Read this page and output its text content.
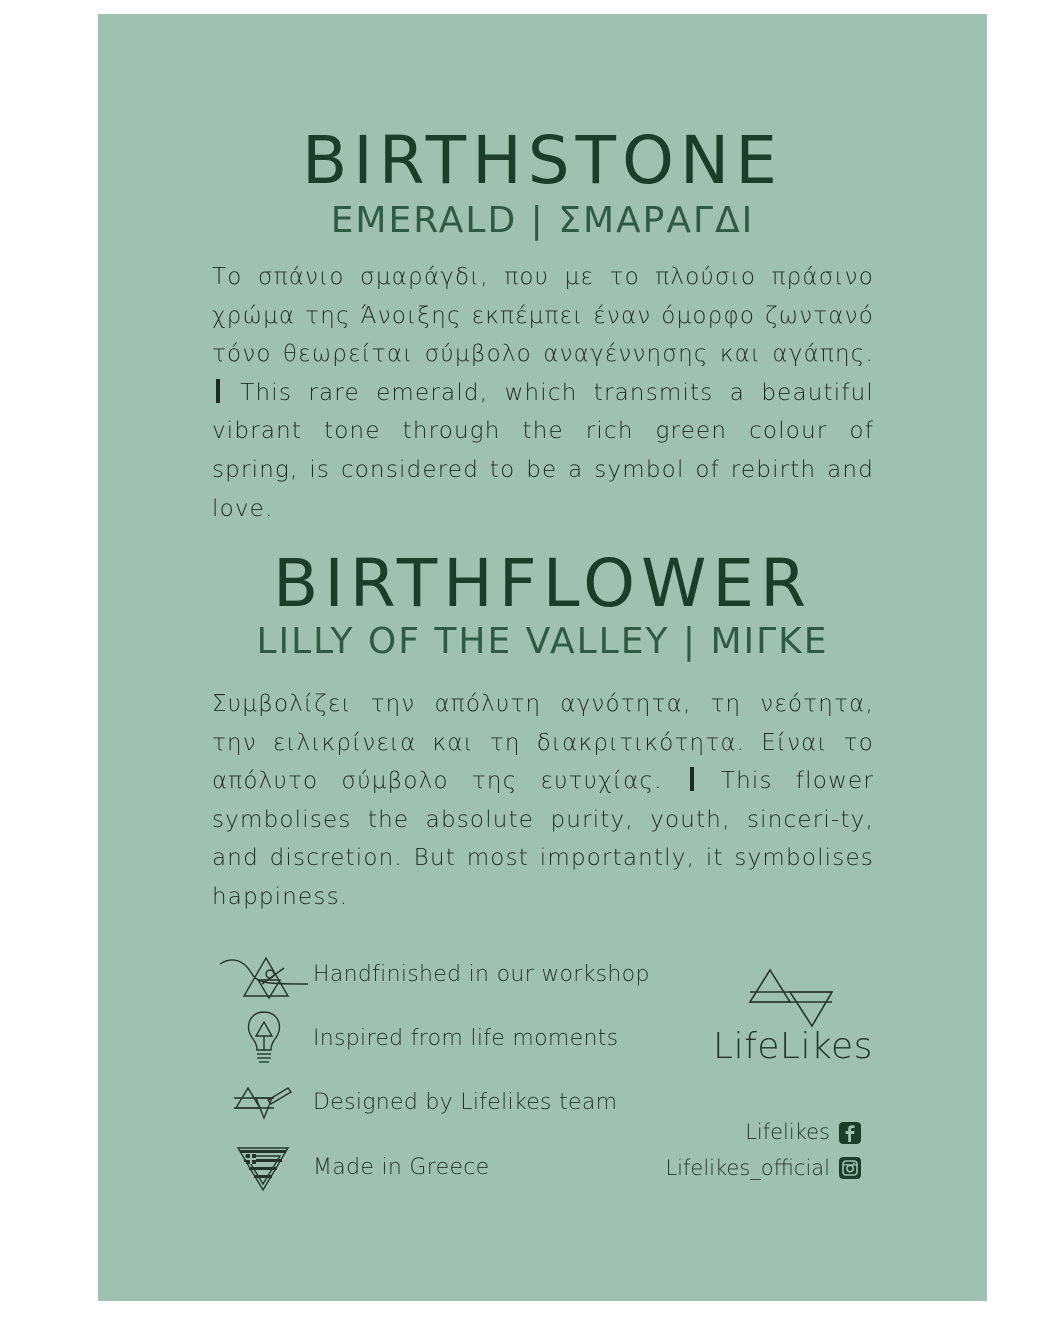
BIRTHSTONE
EMERALD | ΣΜΑΡΑΓΔΙ

Το σπάνιο σμαράγδι, που με το πλούσιο πράσινο χρώμα της Άνοιξης εκπέμπει έναν όμορφο ζωντανό τόνο θεωρείται σύμβολο αναγέννησης και αγάπης.  This rare emerald, which transmits a beautiful vibrant tone through the rich green colour of spring, is considered to be a symbol of rebirth and love.

BIRTHFLOWER
LILLY OF THE VALLEY | ΜΙΓΚΕ

Συμβολίζει την απόλυτη αγνότητα, τη νεότητα, την ειλικρίνεια και τη διακριτικότητα. Είναι το απόλυτο σύμβολο της ευτυχίας.	This flower symbolises the absolute purity, youth, sinceri-ty, and discretion. But most importantly, it symbolises happiness.

Handfinished in our workshop
Inspired from life moments
Designed by Lifelikes team
Made in Greece
LifeLikes
Lifelikes
Lifelikes_official
